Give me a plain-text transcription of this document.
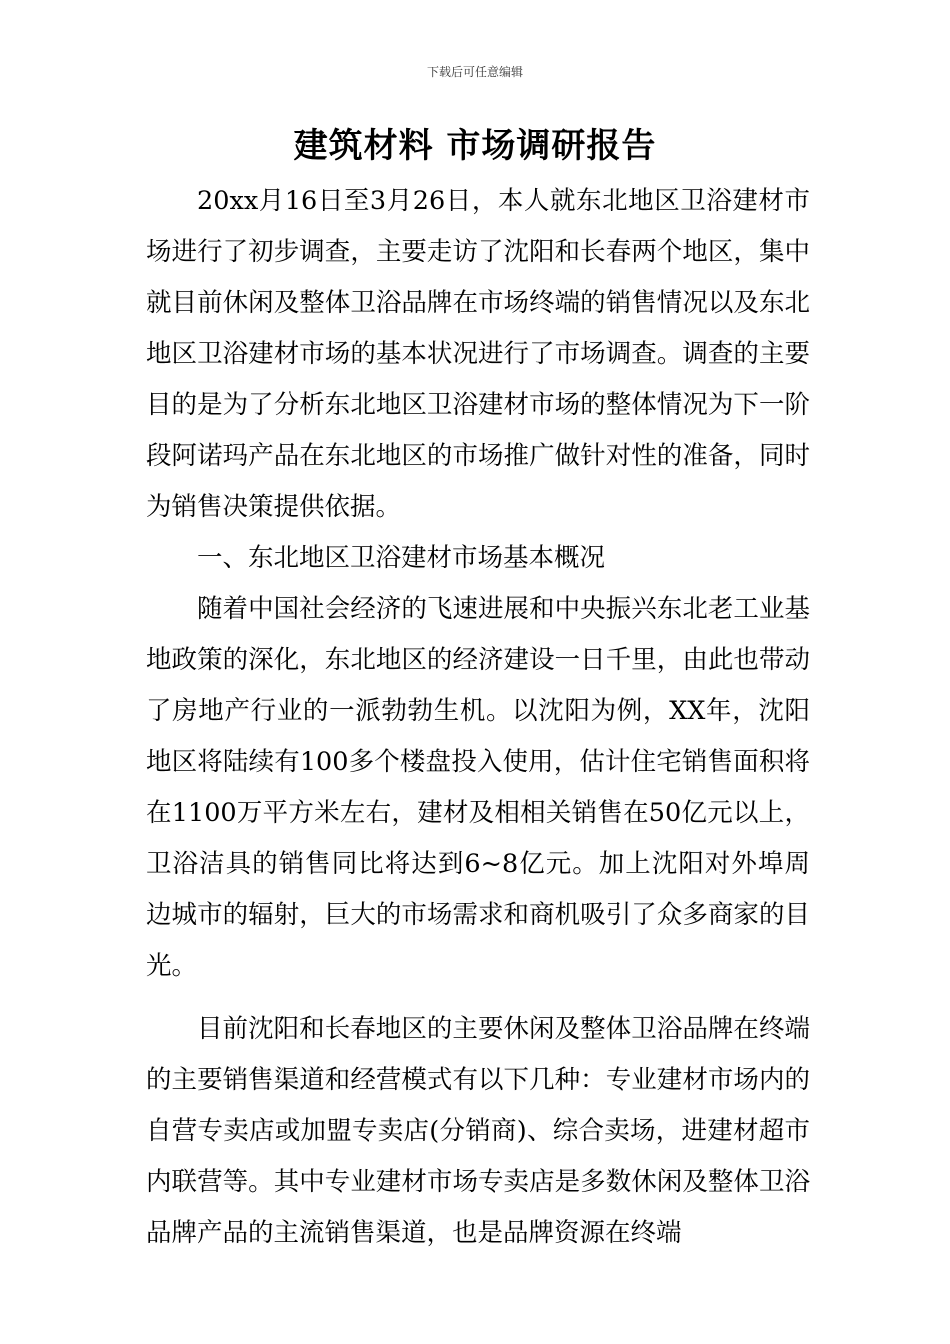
下载后可任意编辑
建筑材料 市场调研报告

20xx月16日至3月26日，本人就东北地区卫浴建材市场进行了初步调查，主要走访了沈阳和长春两个地区，集中就目前休闲及整体卫浴品牌在市场终端的销售情况以及东北地区卫浴建材市场的基本状况进行了市场调查。调查的主要目的是为了分析东北地区卫浴建材市场的整体情况为下一阶段阿诺玛产品在东北地区的市场推广做针对性的准备，同时为销售决策提供依据。

一、东北地区卫浴建材市场基本概况

随着中国社会经济的飞速进展和中央振兴东北老工业基地政策的深化，东北地区的经济建设一日千里，由此也带动了房地产行业的一派勃勃生机。以沈阳为例，XX年，沈阳地区将陆续有100多个楼盘投入使用，估计住宅销售面积将在1100万平方米左右，建材及相相关销售在50亿元以上，卫浴洁具的销售同比将达到6~8亿元。加上沈阳对外埠周边城市的辐射，巨大的市场需求和商机吸引了众多商家的目光。

目前沈阳和长春地区的主要休闲及整体卫浴品牌在终端的主要销售渠道和经营模式有以下几种：专业建材市场内的自营专卖店或加盟专卖店(分销商)、综合卖场，进建材超市内联营等。其中专业建材市场专卖店是多数休闲及整体卫浴品牌产品的主流销售渠道，也是品牌资源在终端
